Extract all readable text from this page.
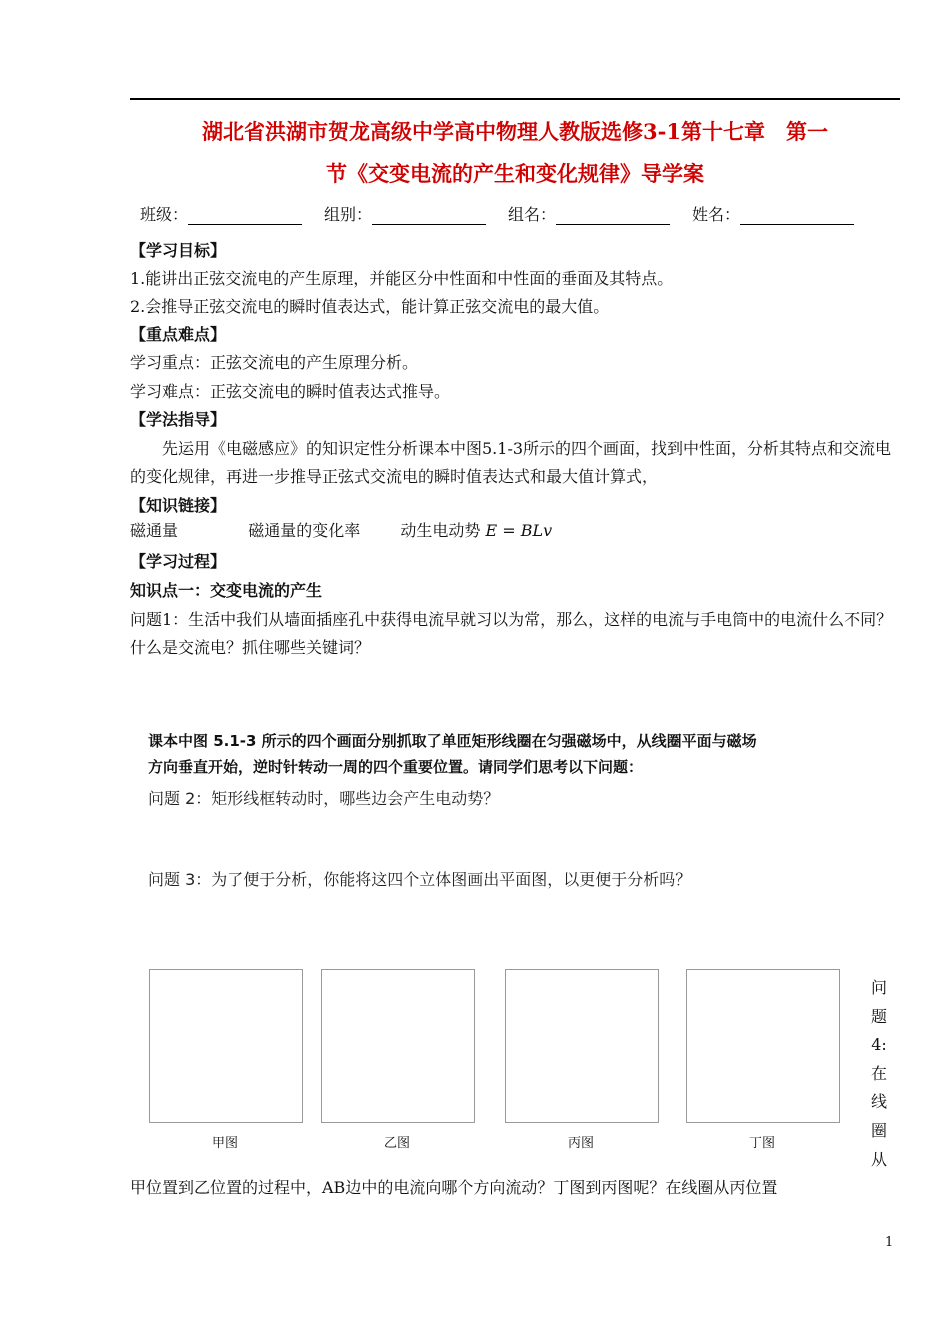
湖北省洪湖市贺龙高级中学高中物理人教版选修3-1第十七章　第一
节《交变电流的产生和变化规律》导学案
班级：	组别：	组名：	姓名：
【学习目标】
1.能讲出正弦交流电的产生原理，并能区分中性面和中性面的垂面及其特点。
2.会推导正弦交流电的瞬时值表达式，能计算正弦交流电的最大值。
【重点难点】
学习重点：正弦交流电的产生原理分析。
学习难点：正弦交流电的瞬时值表达式推导。
【学法指导】
先运用《电磁感应》的知识定性分析课本中图5.1-3所示的四个画面，找到中性面，分析其特点和交流电的变化规律，再进一步推导正弦式交流电的瞬时值表达式和最大值计算式，
【知识链接】
磁通量	磁通量的变化率	动生电动势 E = BLv
【学习过程】
知识点一：交变电流的产生
问题1：生活中我们从墙面插座孔中获得电流早就习以为常，那么，这样的电流与手电筒中的电流什么不同？什么是交流电？抓住哪些关键词？
课本中图 5.1-3 所示的四个画面分别抓取了单匝矩形线圈在匀强磁场中，从线圈平面与磁场
方向垂直开始，逆时针转动一周的四个重要位置。请同学们思考以下问题：
问题 2：矩形线框转动时，哪些边会产生电动势？
问题 3：为了便于分析，你能将这四个立体图画出平面图，以更便于分析吗？
甲图	乙图	丙图	丁图
问
题
4:
在
线
圈
从
甲位置到乙位置的过程中，AB边中的电流向哪个方向流动？丁图到丙图呢？在线圈从丙位置
1
